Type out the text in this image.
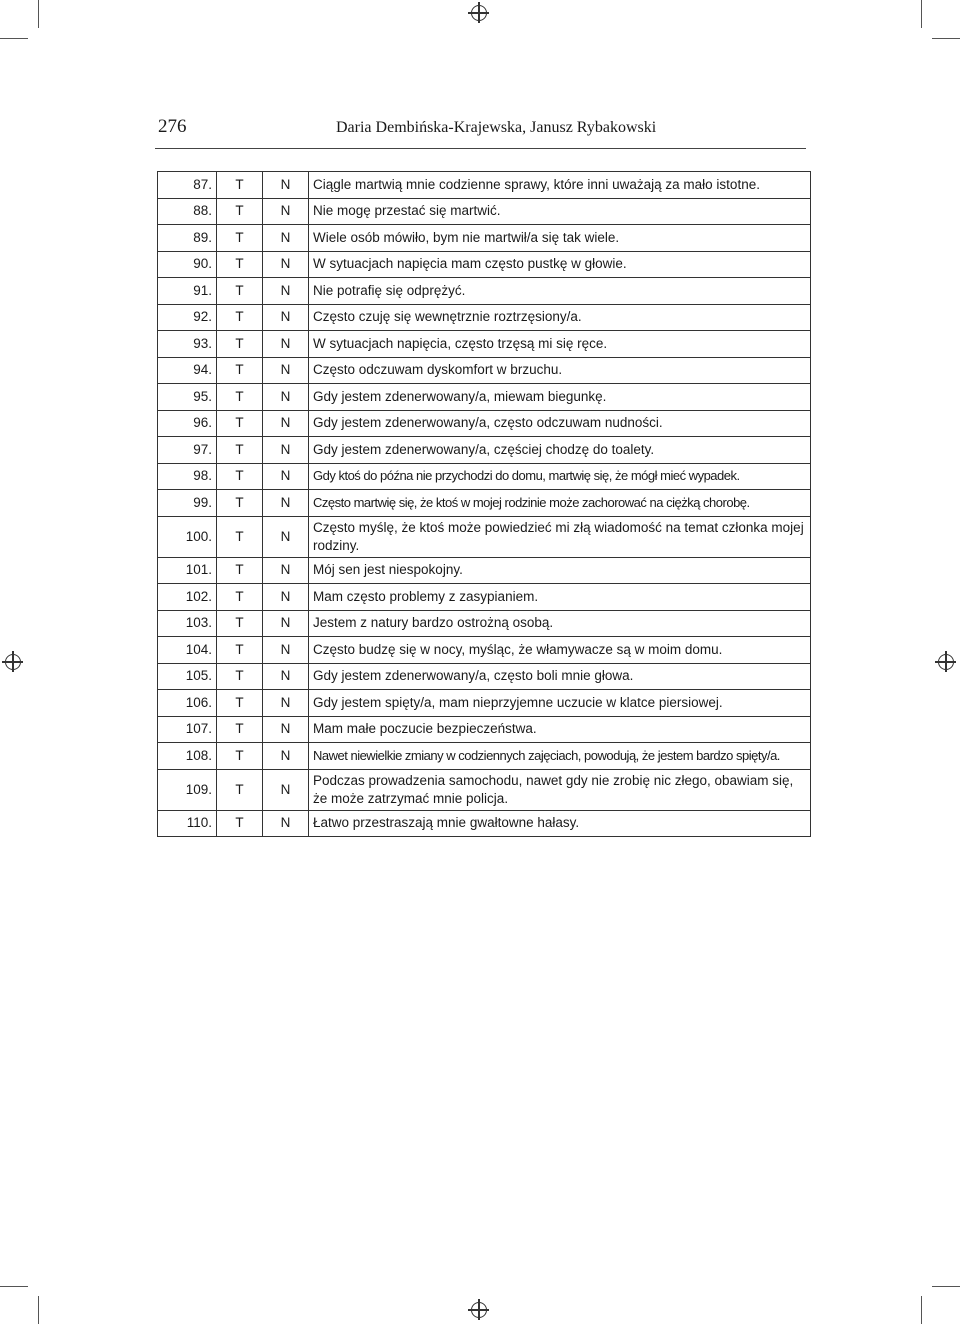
276	Daria Dembińska-Krajewska, Janusz Rybakowski
87.	T	N	Ciągle martwią mnie codzienne sprawy, które inni uważają za mało istotne.
88.	T	N	Nie mogę przestać się martwić.
89.	T	N	Wiele osób mówiło, bym nie martwił/a się tak wiele.
90.	T	N	W sytuacjach napięcia mam często pustkę w głowie.
91.	T	N	Nie potrafię się odprężyć.
92.	T	N	Często czuję się wewnętrznie roztrzęsiony/a.
93.	T	N	W sytuacjach napięcia, często trzęsą mi się ręce.
94.	T	N	Często odczuwam dyskomfort w brzuchu.
95.	T	N	Gdy jestem zdenerwowany/a, miewam biegunkę.
96.	T	N	Gdy jestem zdenerwowany/a, często odczuwam nudności.
97.	T	N	Gdy jestem zdenerwowany/a, częściej chodzę do toalety.
98.	T	N	Gdy ktoś do późna nie przychodzi do domu, martwię się, że mógł mieć wypadek.
99.	T	N	Często martwię się, że ktoś w mojej rodzinie może zachorować na ciężką chorobę.
100.	T	N	Często myślę, że ktoś może powiedzieć mi złą wiadomość na temat członka mojej rodziny.
101.	T	N	Mój sen jest niespokojny.
102.	T	N	Mam często problemy z zasypianiem.
103.	T	N	Jestem z natury bardzo ostrożną osobą.
104.	T	N	Często budzę się w nocy, myśląc, że włamywacze są w moim domu.
105.	T	N	Gdy jestem zdenerwowany/a, często boli mnie głowa.
106.	T	N	Gdy jestem spięty/a, mam nieprzyjemne uczucie w klatce piersiowej.
107.	T	N	Mam małe poczucie bezpieczeństwa.
108.	T	N	Nawet niewielkie zmiany w codziennych zajęciach, powodują, że jestem bardzo spięty/a.
109.	T	N	Podczas prowadzenia samochodu, nawet gdy nie zrobię nic złego, obawiam się, że może zatrzymać mnie policja.
110.	T	N	Łatwo przestraszają mnie gwałtowne hałasy.
